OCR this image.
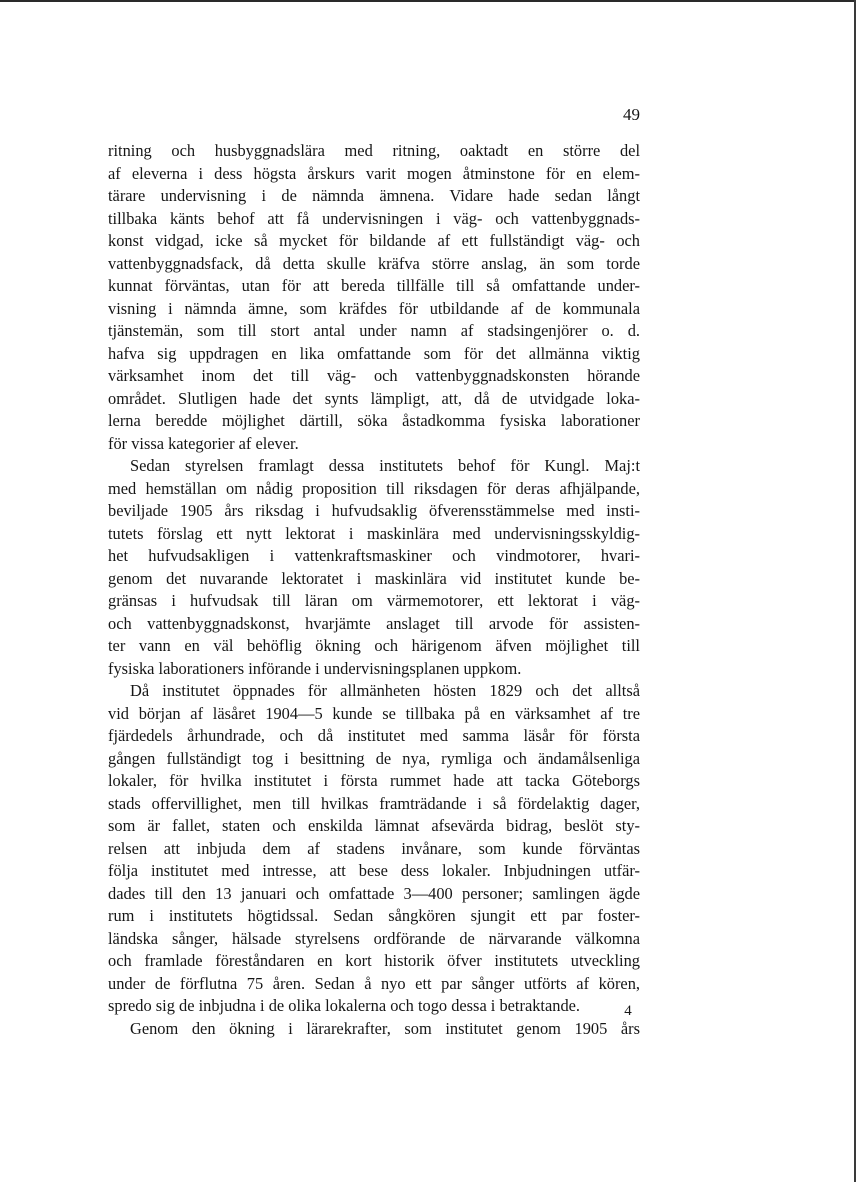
49
ritning och husbyggnadslära med ritning, oaktadt en större del
af eleverna i dess högsta årskurs varit mogen åtminstone för en elem-
tärare undervisning i de nämnda ämnena. Vidare hade sedan långt
tillbaka känts behof att få undervisningen i väg- och vattenbyggnads-
konst vidgad, icke så mycket för bildande af ett fullständigt väg- och
vattenbyggnadsfack, då detta skulle kräfva större anslag, än som torde
kunnat förväntas, utan för att bereda tillfälle till så omfattande under-
visning i nämnda ämne, som kräfdes för utbildande af de kommunala
tjänstemän, som till stort antal under namn af stadsingenjörer o. d.
hafva sig uppdragen en lika omfattande som för det allmänna viktig
värksamhet inom det till väg- och vattenbyggnadskonsten hörande
området. Slutligen hade det synts lämpligt, att, då de utvidgade loka-
lerna beredde möjlighet därtill, söka åstadkomma fysiska laborationer
för vissa kategorier af elever.
Sedan styrelsen framlagt dessa institutets behof för Kungl. Maj:t
med hemställan om nådig proposition till riksdagen för deras afhjälpande,
beviljade 1905 års riksdag i hufvudsaklig öfverensstämmelse med insti-
tutets förslag ett nytt lektorat i maskinlära med undervisningsskyldig-
het hufvudsakligen i vattenkraftsmaskiner och vindmotorer, hvari-
genom det nuvarande lektoratet i maskinlära vid institutet kunde be-
gränsas i hufvudsak till läran om värmemotorer, ett lektorat i väg-
och vattenbyggnadskonst, hvarjämte anslaget till arvode för assisten-
ter vann en väl behöflig ökning och härigenom äfven möjlighet till
fysiska laborationers införande i undervisningsplanen uppkom.
Då institutet öppnades för allmänheten hösten 1829 och det alltså
vid början af läsåret 1904—5 kunde se tillbaka på en värksamhet af tre
fjärdedels århundrade, och då institutet med samma läsår för första
gången fullständigt tog i besittning de nya, rymliga och ändamålsenliga
lokaler, för hvilka institutet i första rummet hade att tacka Göteborgs
stads offervillighet, men till hvilkas framträdande i så fördelaktig dager,
som är fallet, staten och enskilda lämnat afsevärda bidrag, beslöt sty-
relsen att inbjuda dem af stadens invånare, som kunde förväntas
följa institutet med intresse, att bese dess lokaler. Inbjudningen utfär-
dades till den 13 januari och omfattade 3—400 personer; samlingen ägde
rum i institutets högtidssal. Sedan sångkören sjungit ett par foster-
ländska sånger, hälsade styrelsens ordförande de närvarande välkomna
och framlade föreståndaren en kort historik öfver institutets utveckling
under de förflutna 75 åren. Sedan å nyo ett par sånger utförts af kören,
spredo sig de inbjudna i de olika lokalerna och togo dessa i betraktande.
Genom den ökning i lärarekrafter, som institutet genom 1905 års
4
